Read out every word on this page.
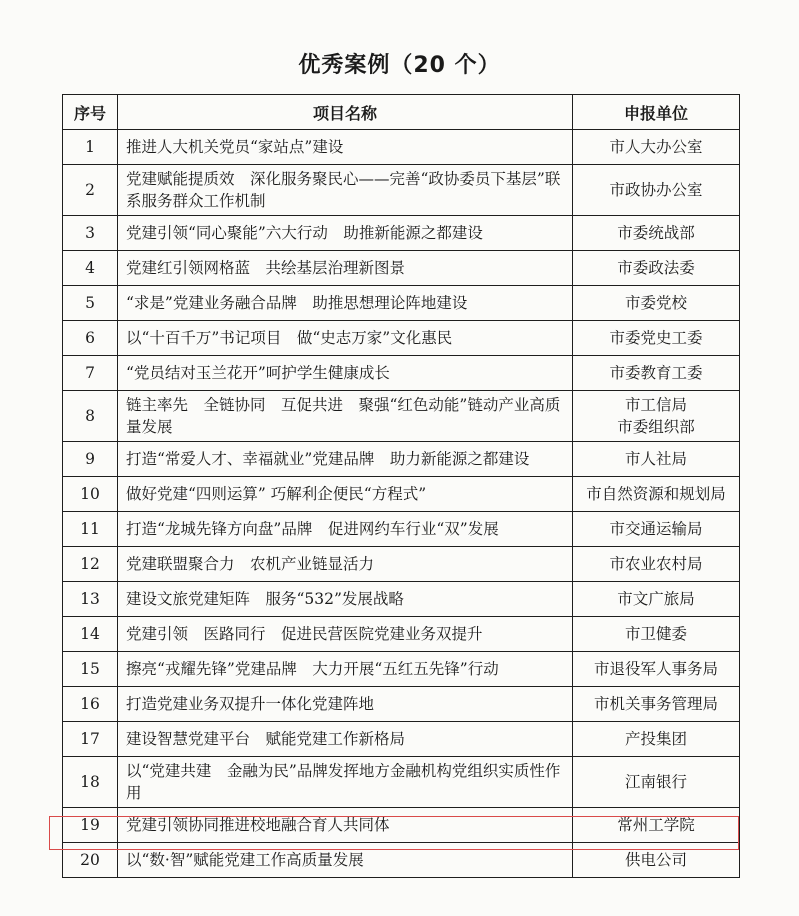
优秀案例（20 个）
序号	项目名称	申报单位
1	推进人大机关党员“家站点”建设	市人大办公室

2	党建赋能提质效　深化服务聚民心——完善“政协委员下基层”联系服务群众工作机制	市政协办公室

3	党建引领“同心聚能”六大行动　助推新能源之都建设	市委统战部

4	党建红引领网格蓝　共绘基层治理新图景	市委政法委

5	“求是”党建业务融合品牌　助推思想理论阵地建设	市委党校

6	以“十百千万”书记项目　做“史志万家”文化惠民	市委党史工委

7	“党员结对玉兰花开”呵护学生健康成长	市委教育工委

8	链主率先　全链协同　互促共进　聚强“红色动能”链动产业高质量发展	市工信局
市委组织部

9	打造“常爱人才、幸福就业”党建品牌　助力新能源之都建设	市人社局

10	做好党建“四则运算” 巧解利企便民“方程式”	市自然资源和规划局

11	打造“龙城先锋方向盘”品牌　促进网约车行业“双”发展	市交通运输局

12	党建联盟聚合力　农机产业链显活力	市农业农村局

13	建设文旅党建矩阵　服务“532”发展战略	市文广旅局

14	党建引领　医路同行　促进民营医院党建业务双提升	市卫健委

15	擦亮“戎耀先锋”党建品牌　大力开展“五红五先锋”行动	市退役军人事务局

16	打造党建业务双提升一体化党建阵地	市机关事务管理局

17	建设智慧党建平台　赋能党建工作新格局	产投集团

18	以“党建共建　金融为民”品牌发挥地方金融机构党组织实质性作用	江南银行

19	党建引领协同推进校地融合育人共同体	常州工学院

20	以“数·智”赋能党建工作高质量发展	供电公司
